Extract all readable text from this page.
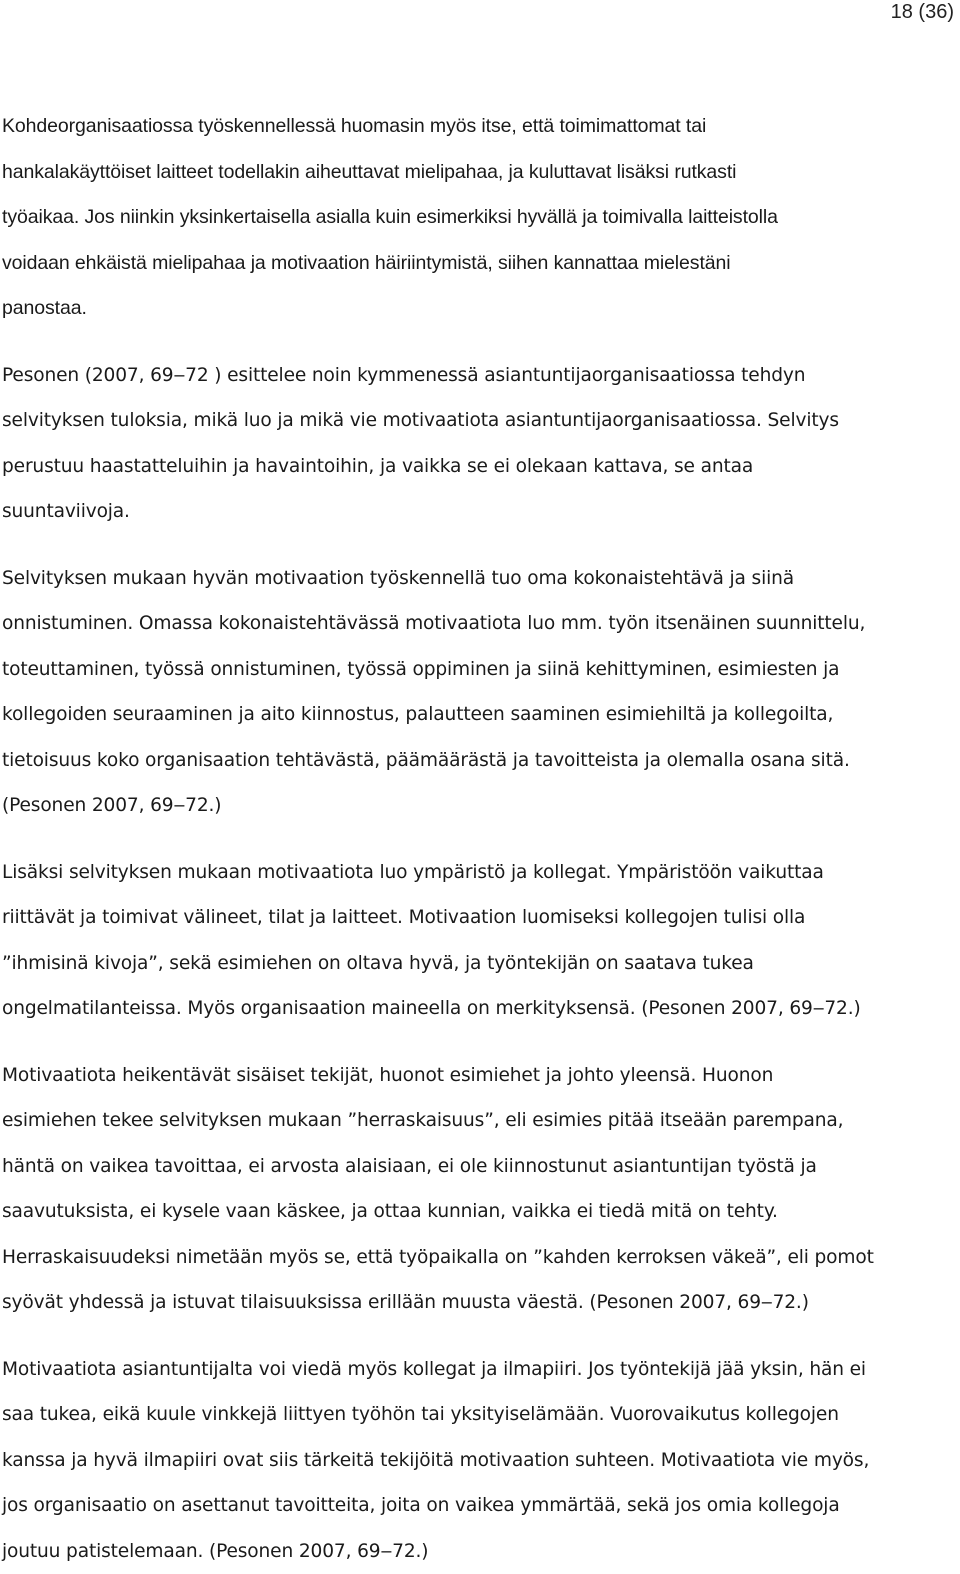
18 (36)

Kohdeorganisaatiossa työskennellessä huomasin myös itse, että toimimattomat tai
hankalakäyttöiset laitteet todellakin aiheuttavat mielipahaa, ja kuluttavat lisäksi rutkasti
työaikaa. Jos niinkin yksinkertaisella asialla kuin esimerkiksi hyvällä ja toimivalla laitteistolla
voidaan ehkäistä mielipahaa ja motivaation häiriintymistä, siihen kannattaa mielestäni
panostaa.

Pesonen (2007, 69‒72 ) esittelee noin kymmenessä asiantuntijaorganisaatiossa tehdyn
selvityksen tuloksia, mikä luo ja mikä vie motivaatiota asiantuntijaorganisaatiossa. Selvitys
perustuu haastatteluihin ja havaintoihin, ja vaikka se ei olekaan kattava, se antaa
suuntaviivoja.

Selvityksen mukaan hyvän motivaation työskennellä tuo oma kokonaistehtävä ja siinä
onnistuminen. Omassa kokonaistehtävässä motivaatiota luo mm. työn itsenäinen suunnittelu,
toteuttaminen, työssä onnistuminen, työssä oppiminen ja siinä kehittyminen, esimiesten ja
kollegoiden seuraaminen ja aito kiinnostus, palautteen saaminen esimiehiltä ja kollegoilta,
tietoisuus koko organisaation tehtävästä, päämäärästä ja tavoitteista ja olemalla osana sitä.
(Pesonen 2007, 69‒72.)

Lisäksi selvityksen mukaan motivaatiota luo ympäristö ja kollegat. Ympäristöön vaikuttaa
riittävät ja toimivat välineet, tilat ja laitteet. Motivaation luomiseksi kollegojen tulisi olla
”ihmisinä kivoja”, sekä esimiehen on oltava hyvä, ja työntekijän on saatava tukea
ongelmatilanteissa. Myös organisaation maineella on merkityksensä. (Pesonen 2007, 69‒72.)

Motivaatiota heikentävät sisäiset tekijät, huonot esimiehet ja johto yleensä. Huonon
esimiehen tekee selvityksen mukaan ”herraskaisuus”, eli esimies pitää itseään parempana,
häntä on vaikea tavoittaa, ei arvosta alaisiaan, ei ole kiinnostunut asiantuntijan työstä ja
saavutuksista, ei kysele vaan käskee, ja ottaa kunnian, vaikka ei tiedä mitä on tehty.
Herraskaisuudeksi nimetään myös se, että työpaikalla on ”kahden kerroksen väkeä”, eli pomot
syövät yhdessä ja istuvat tilaisuuksissa erillään muusta väestä. (Pesonen 2007, 69‒72.)

Motivaatiota asiantuntijalta voi viedä myös kollegat ja ilmapiiri. Jos työntekijä jää yksin, hän ei
saa tukea, eikä kuule vinkkejä liittyen työhön tai yksityiselämään. Vuorovaikutus kollegojen
kanssa ja hyvä ilmapiiri ovat siis tärkeitä tekijöitä motivaation suhteen. Motivaatiota vie myös,
jos organisaatio on asettanut tavoitteita, joita on vaikea ymmärtää, sekä jos omia kollegoja
joutuu patistelemaan. (Pesonen 2007, 69‒72.)
